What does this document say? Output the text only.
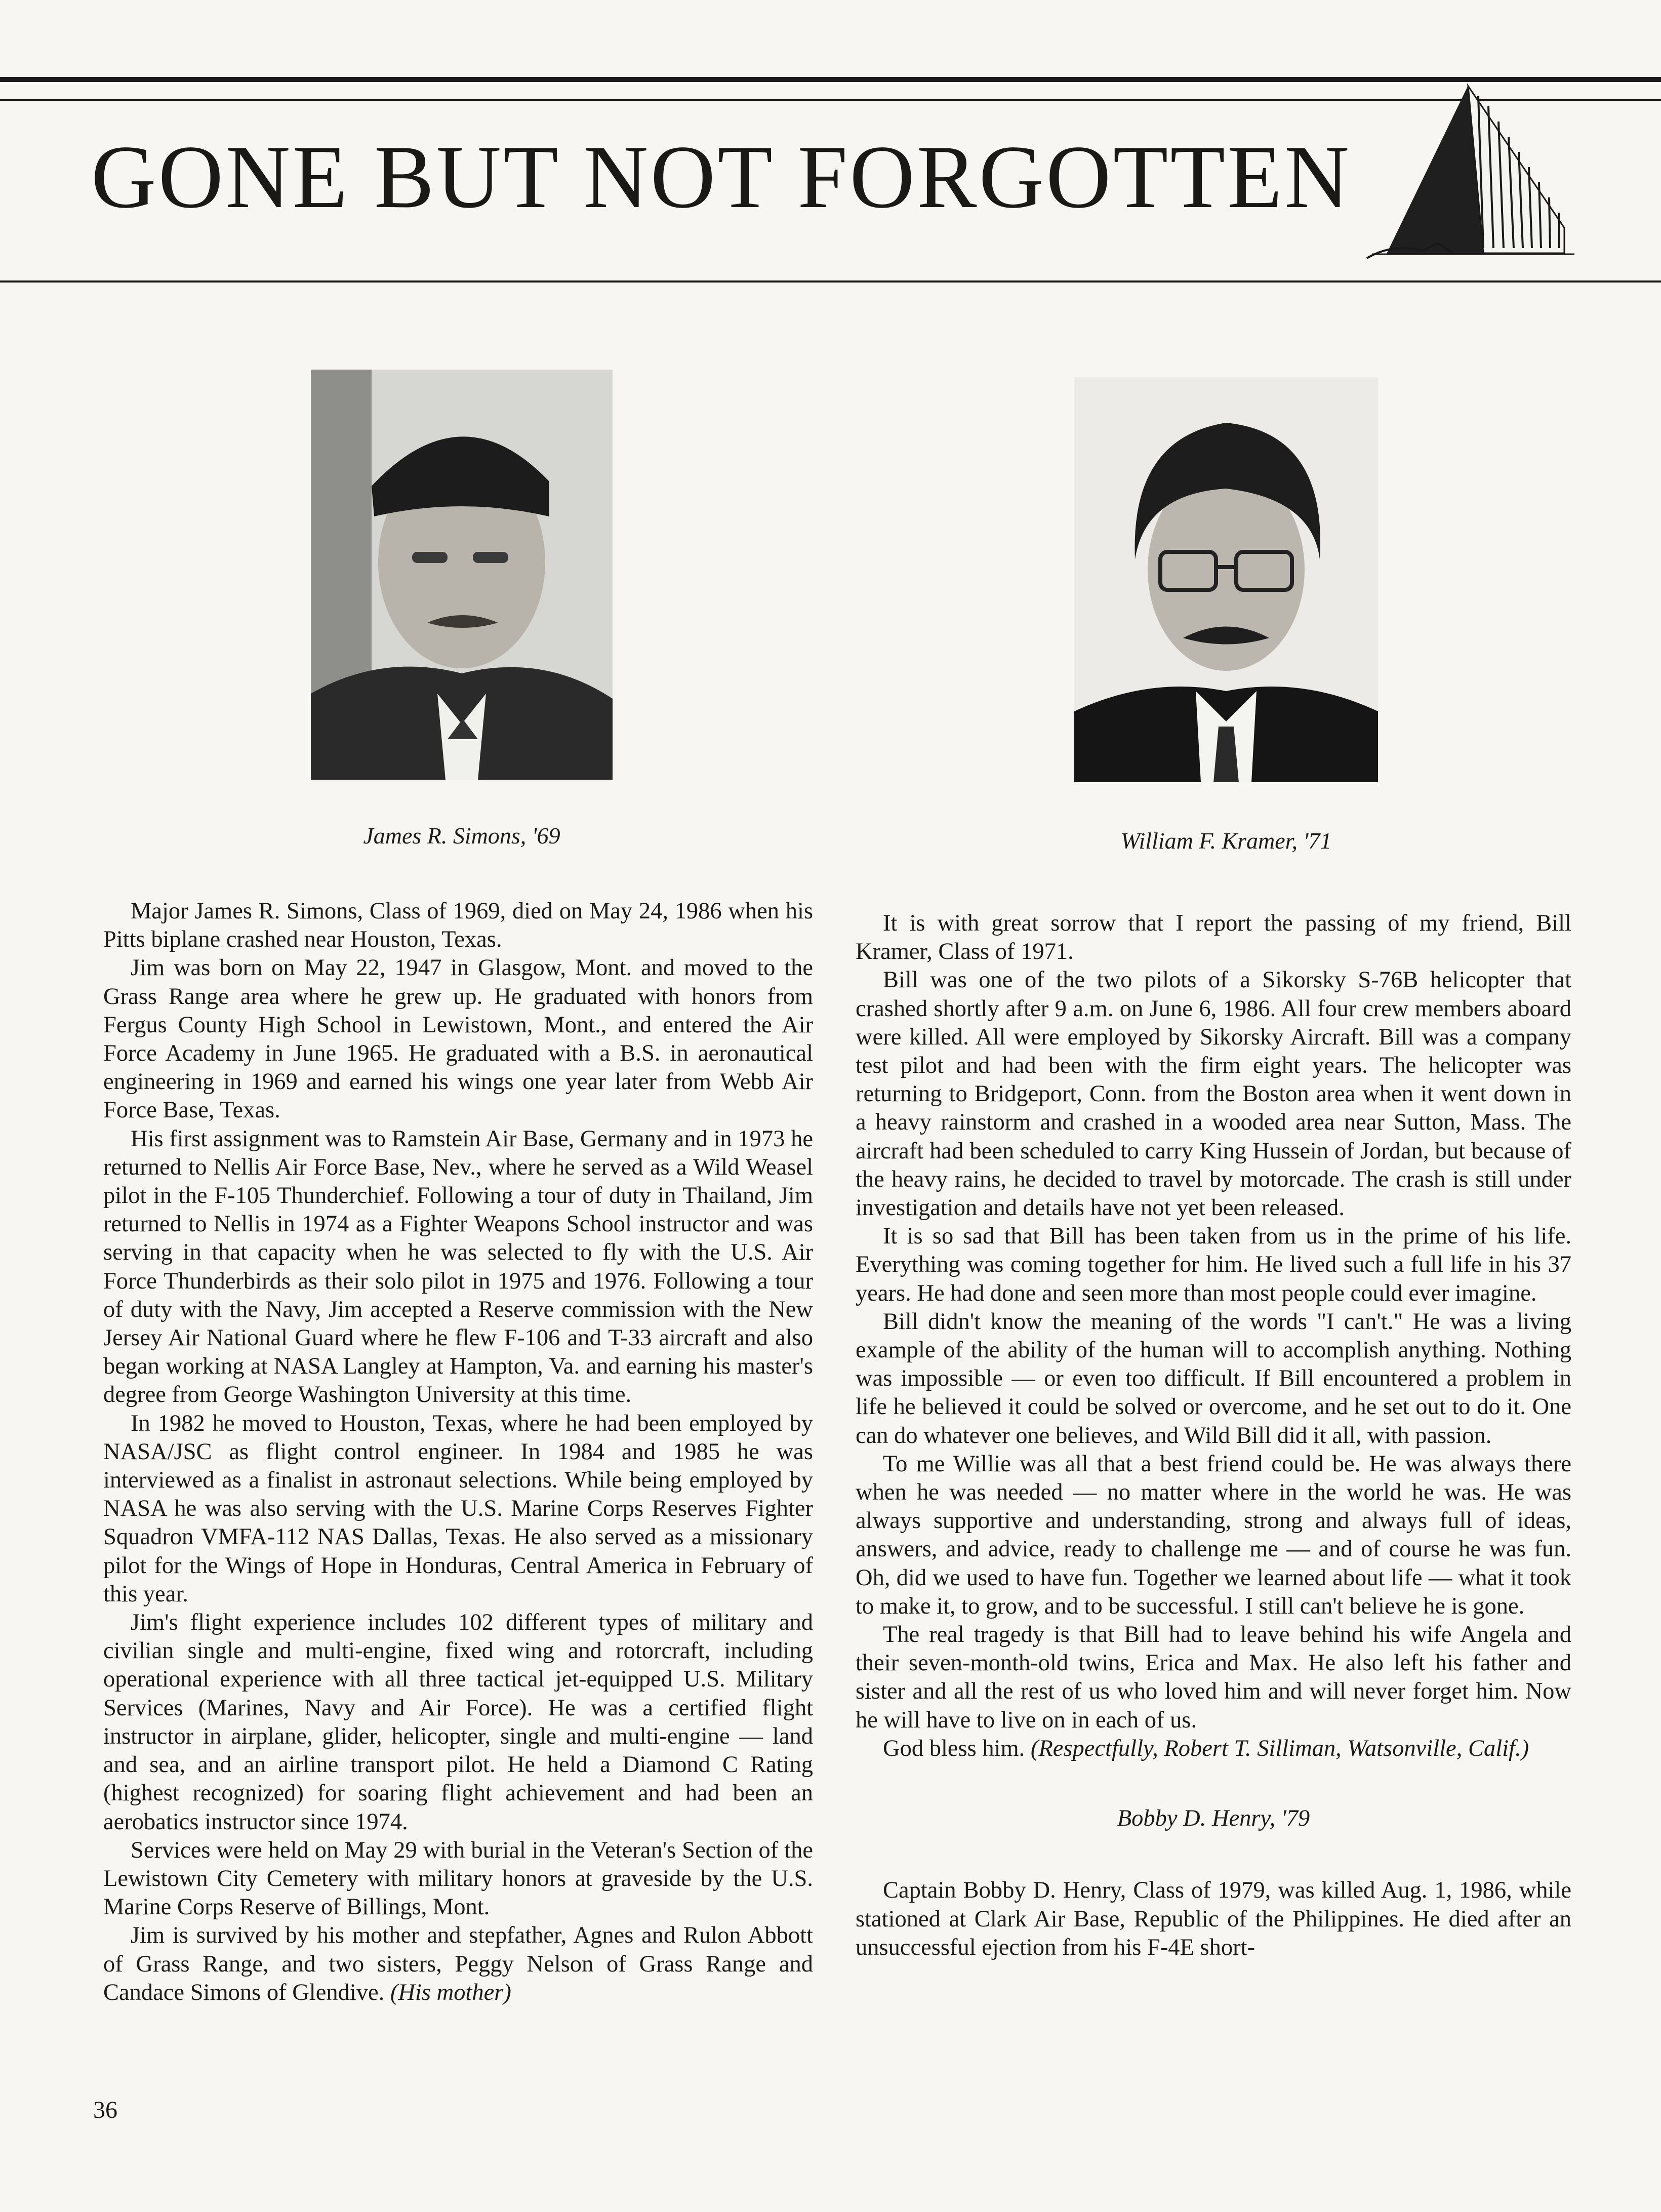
GONE BUT NOT FORGOTTEN
James R. Simons, '69	William F. Kramer, '71

Major James R. Simons, Class of 1969, died on May 24, 1986 when his Pitts biplane crashed near Houston, Texas.

Jim was born on May 22, 1947 in Glasgow, Mont. and moved to the Grass Range area where he grew up. He graduated with honors from Fergus County High School in Lewistown, Mont., and entered the Air Force Academy in June 1965. He graduated with a B.S. in aeronautical engineering in 1969 and earned his wings one year later from Webb Air Force Base, Texas.

His first assignment was to Ramstein Air Base, Germany and in 1973 he returned to Nellis Air Force Base, Nev., where he served as a Wild Weasel pilot in the F-105 Thunderchief. Following a tour of duty in Thailand, Jim returned to Nellis in 1974 as a Fighter Weapons School instructor and was serving in that capacity when he was selected to fly with the U.S. Air Force Thunderbirds as their solo pilot in 1975 and 1976. Following a tour of duty with the Navy, Jim accepted a Reserve commission with the New Jersey Air National Guard where he flew F-106 and T-33 aircraft and also began working at NASA Langley at Hampton, Va. and earning his master's degree from George Washington University at this time.

In 1982 he moved to Houston, Texas, where he had been employed by NASA/JSC as flight control engineer. In 1984 and 1985 he was interviewed as a finalist in astronaut selections. While being employed by NASA he was also serving with the U.S. Marine Corps Reserves Fighter Squadron VMFA-112 NAS Dallas, Texas. He also served as a missionary pilot for the Wings of Hope in Honduras, Central America in February of this year.

Jim's flight experience includes 102 different types of military and civilian single and multi-engine, fixed wing and rotorcraft, including operational experience with all three tactical jet-equipped U.S. Military Services (Marines, Navy and Air Force). He was a certified flight instructor in airplane, glider, helicopter, single and multi-engine — land and sea, and an airline transport pilot. He held a Diamond C Rating (highest recognized) for soaring flight achievement and had been an aerobatics instructor since 1974.

Services were held on May 29 with burial in the Veteran's Section of the Lewistown City Cemetery with military honors at graveside by the U.S. Marine Corps Reserve of Billings, Mont.

Jim is survived by his mother and stepfather, Agnes and Rulon Abbott of Grass Range, and two sisters, Peggy Nelson of Grass Range and Candace Simons of Glendive. (His mother)

It is with great sorrow that I report the passing of my friend, Bill Kramer, Class of 1971.

Bill was one of the two pilots of a Sikorsky S-76B helicopter that crashed shortly after 9 a.m. on June 6, 1986. All four crew members aboard were killed. All were employed by Sikorsky Aircraft. Bill was a company test pilot and had been with the firm eight years. The helicopter was returning to Bridgeport, Conn. from the Boston area when it went down in a heavy rainstorm and crashed in a wooded area near Sutton, Mass. The aircraft had been scheduled to carry King Hussein of Jordan, but because of the heavy rains, he decided to travel by motorcade. The crash is still under investigation and details have not yet been released.

It is so sad that Bill has been taken from us in the prime of his life. Everything was coming together for him. He lived such a full life in his 37 years. He had done and seen more than most people could ever imagine.

Bill didn't know the meaning of the words "I can't." He was a living example of the ability of the human will to accomplish anything. Nothing was impossible — or even too difficult. If Bill encountered a problem in life he believed it could be solved or overcome, and he set out to do it. One can do whatever one believes, and Wild Bill did it all, with passion.

To me Willie was all that a best friend could be. He was always there when he was needed — no matter where in the world he was. He was always supportive and understanding, strong and always full of ideas, answers, and advice, ready to challenge me — and of course he was fun. Oh, did we used to have fun. Together we learned about life — what it took to make it, to grow, and to be successful. I still can't believe he is gone.

The real tragedy is that Bill had to leave behind his wife Angela and their seven-month-old twins, Erica and Max. He also left his father and sister and all the rest of us who loved him and will never forget him. Now he will have to live on in each of us.

God bless him. (Respectfully, Robert T. Silliman, Watsonville, Calif.)

Bobby D. Henry, '79

Captain Bobby D. Henry, Class of 1979, was killed Aug. 1, 1986, while stationed at Clark Air Base, Republic of the Philippines. He died after an unsuccessful ejection from his F-4E short-

36
